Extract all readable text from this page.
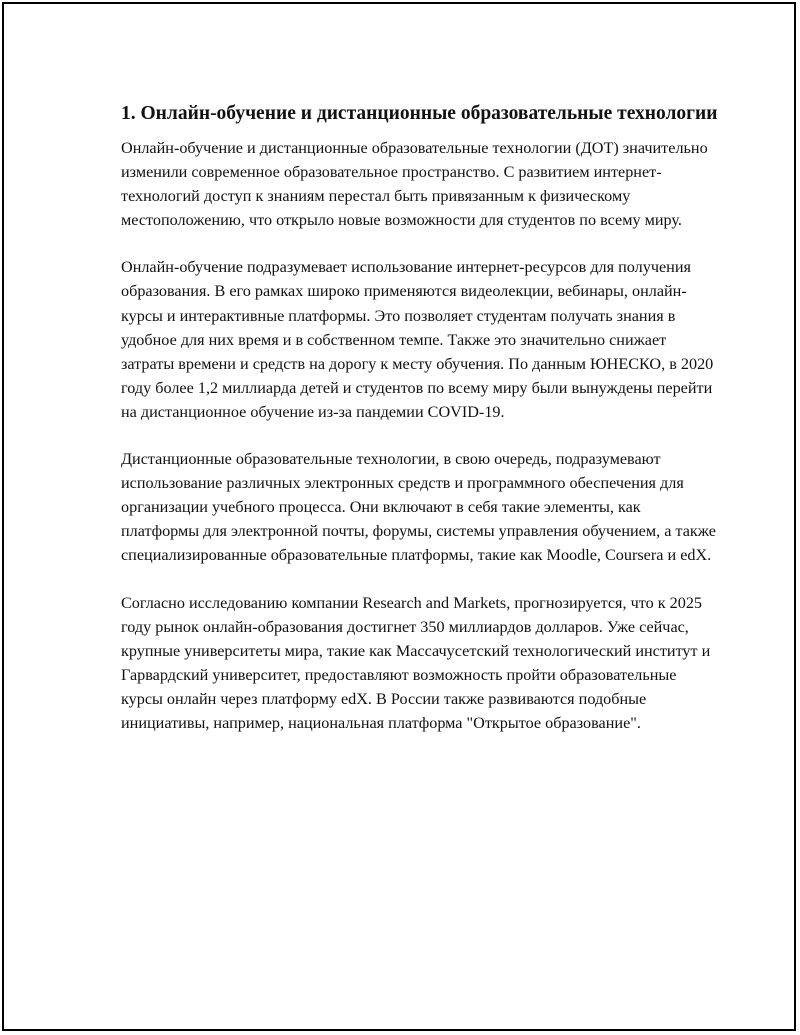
1. Онлайн-обучение и дистанционные образовательные технологии

Онлайн-обучение и дистанционные образовательные технологии (ДОТ) значительно изменили современное образовательное пространство. С развитием интернет-технологий доступ к знаниям перестал быть привязанным к физическому местоположению, что открыло новые возможности для студентов по всему миру.

Онлайн-обучение подразумевает использование интернет-ресурсов для получения образования. В его рамках широко применяются видеолекции, вебинары, онлайн-курсы и интерактивные платформы. Это позволяет студентам получать знания в удобное для них время и в собственном темпе. Также это значительно снижает затраты времени и средств на дорогу к месту обучения. По данным ЮНЕСКО, в 2020 году более 1,2 миллиарда детей и студентов по всему миру были вынуждены перейти на дистанционное обучение из-за пандемии COVID-19.

Дистанционные образовательные технологии, в свою очередь, подразумевают использование различных электронных средств и программного обеспечения для организации учебного процесса. Они включают в себя такие элементы, как платформы для электронной почты, форумы, системы управления обучением, а также специализированные образовательные платформы, такие как Moodle, Coursera и edX.

Согласно исследованию компании Research and Markets, прогнозируется, что к 2025 году рынок онлайн-образования достигнет 350 миллиардов долларов. Уже сейчас, крупные университеты мира, такие как Массачусетский технологический институт и Гарвардский университет, предоставляют возможность пройти образовательные курсы онлайн через платформу edX. В России также развиваются подобные инициативы, например, национальная платформа "Открытое образование".
